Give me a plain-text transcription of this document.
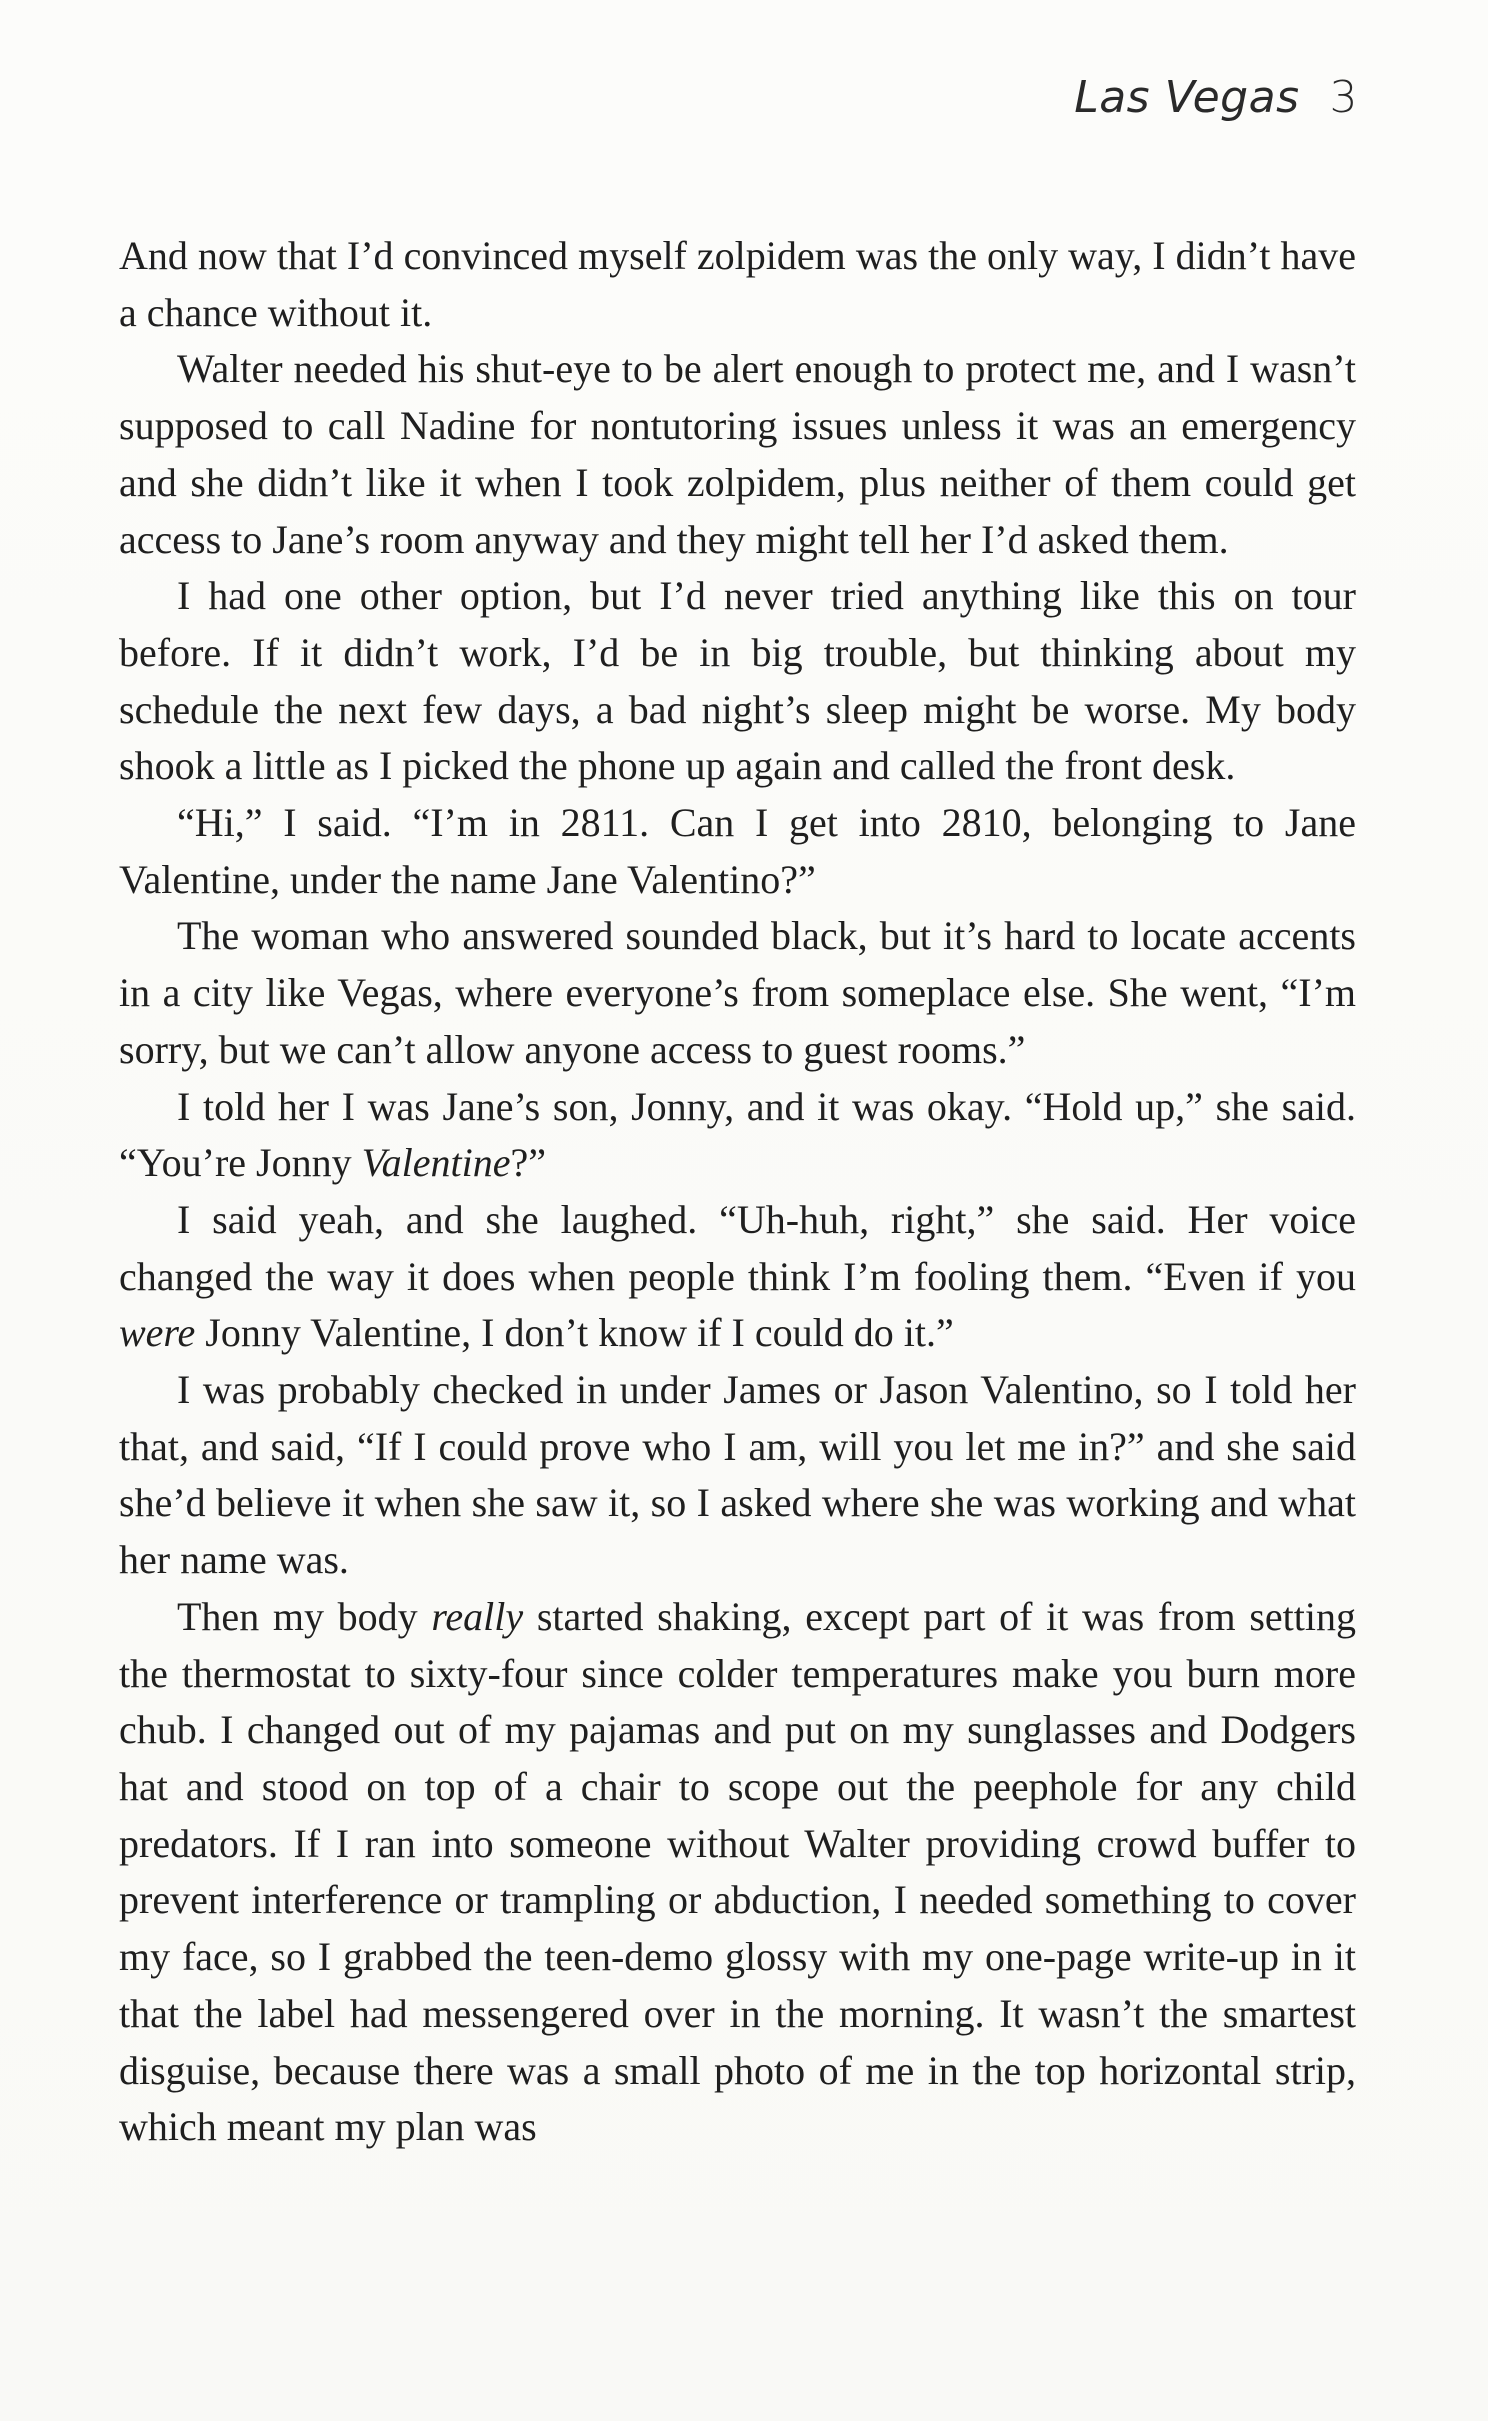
Las Vegas 3

And now that I’d convinced myself zolpidem was the only way, I didn’t have a chance without it.

Walter needed his shut-eye to be alert enough to protect me, and I wasn’t supposed to call Nadine for nontutoring issues unless it was an emergency and she didn’t like it when I took zolpidem, plus neither of them could get access to Jane’s room anyway and they might tell her I’d asked them.

I had one other option, but I’d never tried anything like this on tour before. If it didn’t work, I’d be in big trouble, but thinking about my schedule the next few days, a bad night’s sleep might be worse. My body shook a little as I picked the phone up again and called the front desk.

“Hi,” I said. “I’m in 2811. Can I get into 2810, belonging to Jane Valentine, under the name Jane Valentino?”

The woman who answered sounded black, but it’s hard to locate accents in a city like Vegas, where everyone’s from someplace else. She went, “I’m sorry, but we can’t allow anyone access to guest rooms.”

I told her I was Jane’s son, Jonny, and it was okay. “Hold up,” she said. “You’re Jonny Valentine?”

I said yeah, and she laughed. “Uh-huh, right,” she said. Her voice changed the way it does when people think I’m fooling them. “Even if you were Jonny Valentine, I don’t know if I could do it.”

I was probably checked in under James or Jason Valentino, so I told her that, and said, “If I could prove who I am, will you let me in?” and she said she’d believe it when she saw it, so I asked where she was working and what her name was.

Then my body really started shaking, except part of it was from setting the thermostat to sixty-four since colder temperatures make you burn more chub. I changed out of my pajamas and put on my sunglasses and Dodgers hat and stood on top of a chair to scope out the peephole for any child predators. If I ran into someone without Walter providing crowd buffer to prevent interference or trampling or abduction, I needed something to cover my face, so I grabbed the teen-demo glossy with my one-page write-up in it that the label had messengered over in the morning. It wasn’t the smartest disguise, because there was a small photo of me in the top horizontal strip, which meant my plan was
